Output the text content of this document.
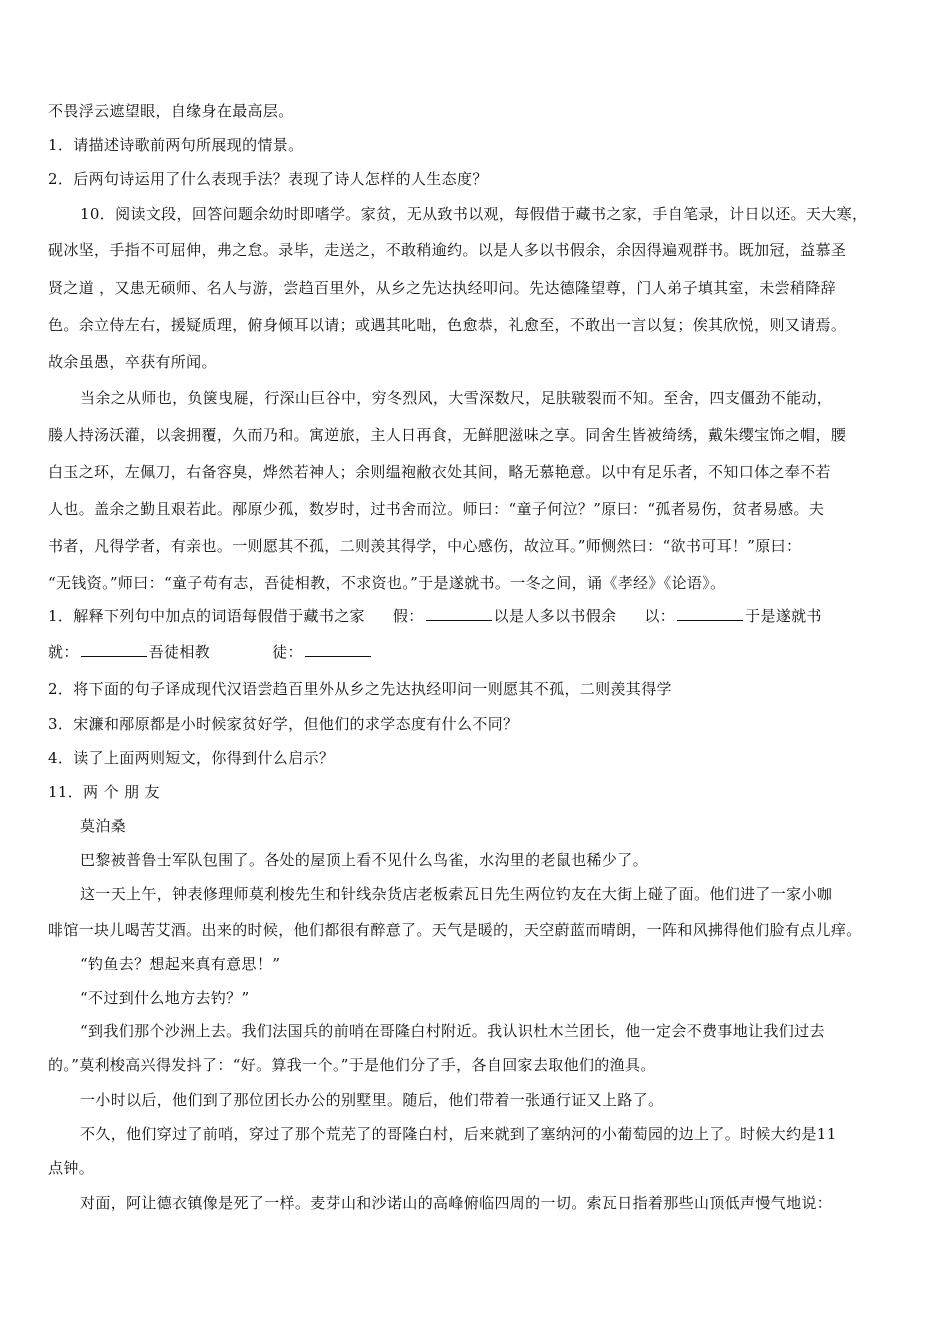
不畏浮云遮望眼，自缘身在最高层。
1．请描述诗歌前两句所展现的情景。
2．后两句诗运用了什么表现手法？表现了诗人怎样的人生态度？
10．阅读文段，回答问题余幼时即嗜学。家贫，无从致书以观，每假借于藏书之家，手自笔录，计日以还。天大寒，
砚冰坚，手指不可屈伸，弗之怠。录毕，走送之，不敢稍逾约。以是人多以书假余，余因得遍观群书。既加冠，益慕圣
贤之道 ，又患无硕师、名人与游，尝趋百里外，从乡之先达执经叩问。先达德隆望尊，门人弟子填其室，未尝稍降辞
色。余立侍左右，援疑质理，俯身倾耳以请；或遇其叱咄，色愈恭，礼愈至，不敢出一言以复；俟其欣悦，则又请焉。
故余虽愚，卒获有所闻。
当余之从师也，负箧曳屣，行深山巨谷中，穷冬烈风，大雪深数尺，足肤皲裂而不知。至舍，四支僵劲不能动，
媵人持汤沃灌，以衾拥覆，久而乃和。寓逆旅，主人日再食，无鲜肥滋味之享。同舍生皆被绮绣，戴朱缨宝饰之帽，腰
白玉之环，左佩刀，右备容臭，烨然若神人；余则缊袍敝衣处其间，略无慕艳意。以中有足乐者，不知口体之奉不若
人也。盖余之勤且艰若此。邴原少孤，数岁时，过书舍而泣。师曰：“童子何泣？”原曰：“孤者易伤，贫者易感。夫
书者，凡得学者，有亲也。一则愿其不孤，二则羡其得学，中心感伤，故泣耳。”师恻然曰：“欲书可耳！”原曰：
“无钱资。”师曰：“童子苟有志，吾徒相教，不求资也。”于是遂就书。一冬之间，诵《孝经》《论语》。
1．解释下列句中加点的词语每假借于藏书之家 假：	以是人多以书假余 以：	于是遂就书
就：	吾徒相教	徒：
2．将下面的句子译成现代汉语尝趋百里外从乡之先达执经叩问一则愿其不孤，二则羡其得学
3．宋濂和邴原都是小时候家贫好学，但他们的求学态度有什么不同？
4．读了上面两则短文，你得到什么启示？
11．两 个 朋 友
莫泊桑
巴黎被普鲁士军队包围了。各处的屋顶上看不见什么鸟雀，水沟里的老鼠也稀少了。
这一天上午，钟表修理师莫利梭先生和针线杂货店老板索瓦日先生两位钓友在大街上碰了面。他们进了一家小咖
啡馆一块儿喝苦艾酒。出来的时候，他们都很有醉意了。天气是暖的，天空蔚蓝而晴朗，一阵和风拂得他们脸有点儿痒。
“钓鱼去？想起来真有意思！”
“不过到什么地方去钓？”
“到我们那个沙洲上去。我们法国兵的前哨在哥隆白村附近。我认识杜木兰团长，他一定会不费事地让我们过去
的。”莫利梭高兴得发抖了：“好。算我一个。”于是他们分了手，各自回家去取他们的渔具。
一小时以后，他们到了那位团长办公的别墅里。随后，他们带着一张通行证又上路了。
不久，他们穿过了前哨，穿过了那个荒芜了的哥隆白村，后来就到了塞纳河的小葡萄园的边上了。时候大约是11
点钟。
对面，阿让德衣镇像是死了一样。麦芽山和沙诺山的高峰俯临四周的一切。索瓦日指着那些山顶低声慢气地说：
